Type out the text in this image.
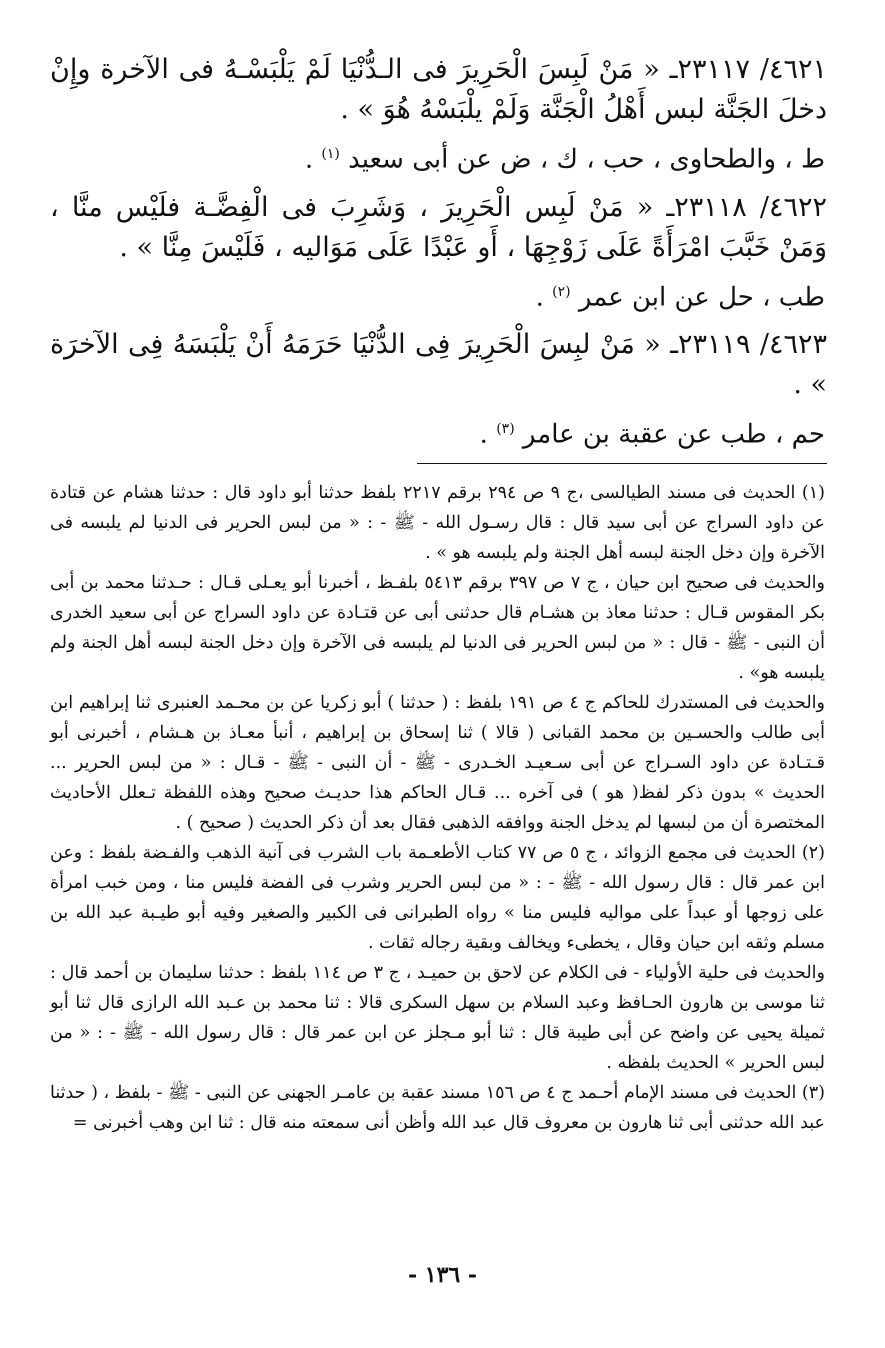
٤٦٢١/ ٢٣١١٧ـ « مَنْ لَبِسَ الْحَرِيرَ فى الـدُّنْيَا لَمْ يَلْبَسْـهُ فى الآخرة وإِنْ دخلَ الجَنَّة لبس أَهْلُ الْجَنَّة وَلَمْ يلْبَسْهُ هُوَ » .

ط ، والطحاوى ، حب ، ك ، ض عن أبى سعيد $^{(١)}$ .

٤٦٢٢/ ٢٣١١٨ـ « مَنْ لَبِس الْحَرِيرَ ، وَشَرِبَ فى الْفِضَّـة فلَيْس منَّا ، وَمَنْ خَبَّبَ امْرَأَةً عَلَى زَوْجِهَا ، أَو عَبْدًا عَلَى مَوَاليه ، فَلَيْسَ مِنَّا » .

طب ، حل عن ابن عمر $^{(٢)}$ .

٤٦٢٣/ ٢٣١١٩ـ « مَنْ لبِسَ الْحَرِيرَ فِى الدُّنْيَا حَرَمَهُ أَنْ يَلْبَسَهُ فِى الآخرَة » .

حم ، طب عن عقبة بن عامر $^{(٣)}$ .

(١) الحديث فى مسند الطيالسى ،ج ٩ ص ٢٩٤ برقم ٢٢١٧ بلفظ حدثنا أبو داود قال : حدثنا هشام عن قتادة عن داود السراج عن أبى سيد قال : قال رسـول الله - ﷺ - : « من لبس الحرير فى الدنيا لم يلبسه فى الآخرة وإن دخل الجنة لبسه أهل الجنة ولم يلبسه هو » .

والحديث فى صحيح ابن حيان ، ج ٧ ص ٣٩٧ برقم ٥٤١٣ بلفـظ ، أخبرنا أبو يعـلى قـال : حـدثنا محمد بن أبى بكر المقوس قـال : حدثنا معاذ بن هشـام قال حدثنى أبى عن قتـادة عن داود السراج عن أبى سعيد الخدرى أن النبى - ﷺ - قال : « من لبس الحرير فى الدنيا لم يلبسه فى الآخرة وإن دخل الجنة لبسه أهل الجنة ولم يلبسه هو» .

والحديث فى المستدرك للحاكم ج ٤ ص ١٩١ بلفظ : ( حدثنا ) أبو زكريا عن بن محـمد العنبرى ثنا إبراهيم ابن أبى طالب والحسـين بن محمد القبانى ( قالا ) ثنا إسحاق بن إبراهيم ، أنبأ معـاذ بن هـشام ، أخبرنى أبو قـتـادة عن داود السـراج عن أبى سـعيـد الخـدرى - ﷺ - أن النبى - ﷺ - قـال : « من لبس الحرير ... الحديث » بدون ذكر لفظ( هو ) فى آخره ... قـال الحاكم هذا حديـث صحيح وهذه اللفظة تـعلل الأحاديث المختصرة أن من لبسها لم يدخل الجنة ووافقه الذهبى فقال بعد أن ذكر الحديث ( صحيح ) .

(٢) الحديث فى مجمع الزوائد ، ج ٥ ص ٧٧ كتاب الأطعـمة باب الشرب فى آنية الذهب والفـضة بلفظ : وعن ابن عمر قال : قال رسول الله - ﷺ - : « من لبس الحرير وشرب فى الفضة فليس منا ، ومن خبب امرأة على زوجها أو عبداً على مواليه فليس منا » رواه الطبرانى فى الكبير والصغير وفيه أبو طيـبة عبد الله بن مسلم وثقه ابن حيان وقال ، يخطىء ويخالف وبقية رجاله ثقات .

والحديث فى حلية الأولياء - فى الكلام عن لاحق بن حميـد ، ج ٣ ص ١١٤ بلفظ : حدثنا سليمان بن أحمد قال : ثنا موسى بن هارون الحـافظ وعبد السلام بن سهل السكرى قالا : ثنا محمد بن عـبد الله الرازى قال ثنا أبو ثميلة يحيى عن واضح عن أبى طيبة قال : ثنا أبو مـجلز عن ابن عمر قال : قال رسول الله - ﷺ - : « من لبس الحرير » الحديث بلفظه .

(٣) الحديث فى مسند الإمام أحـمد ج ٤ ص ١٥٦ مسند عقبة بن عامـر الجهنى عن النبى - ﷺ - بلفظ ، ( حدثنا عبد الله حدثنى أبى ثنا هارون بن معروف قال عبد الله وأظن أنى سمعته منه قال : ثنا ابن وهب أخبرنى =

- ١٣٦ -
